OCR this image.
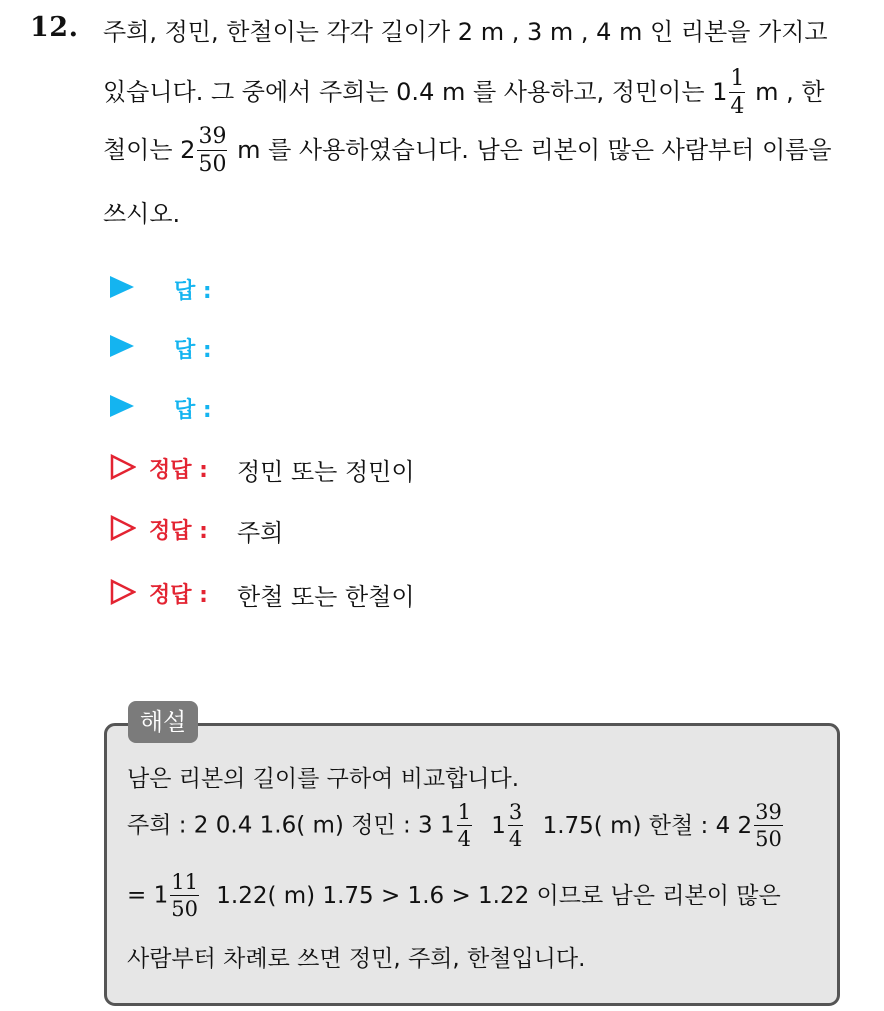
12. 주희, 정민, 한철이는 각각 길이가 2 m , 3 m , 4 m 인 리본을 가지고
있습니다. 그 중에서 주희는 0.4 m 를 사용하고, 정민이는 $1 \frac{1}{4}$ m , 한
철이는 $2 \frac{39}{50}$ m 를 사용하였습니다. 남은 리본이 많은 사람부터 이름을
쓰시오.
답 :
답 :
답 :
정답 : 정민 또는 정민이
정답 : 주희
정답 : 한철 또는 한철이
해설
남은 리본의 길이를 구하여 비교합니다.
주희 : 2 0.4 1.6( m) 정민 : 3 $1 \frac{1}{4} 1 \frac{3}{4} 1.75$( m) 한철 : 4 $2 \frac{39}{50}$
= $1 \frac{11}{50} 1.22$( m) 1.75 > 1.6 > 1.22 이므로 남은 리본이 많은
사람부터 차례로 쓰면 정민, 주희, 한철입니다.
